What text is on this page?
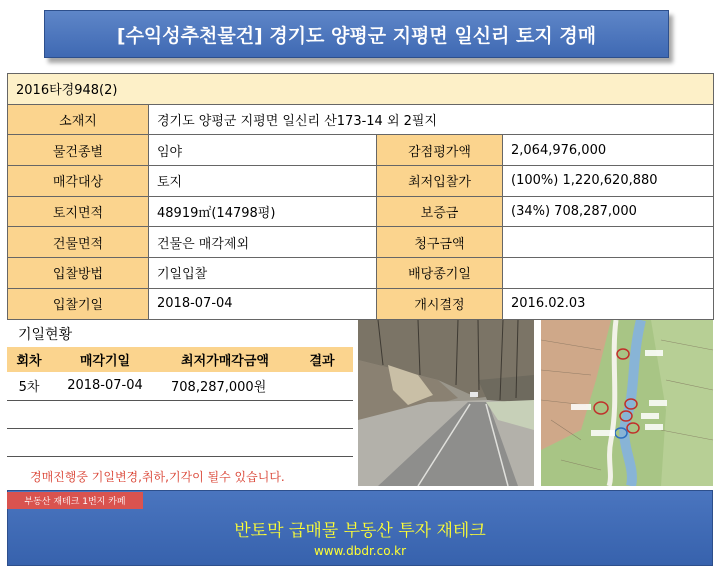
[수익성추천물건] 경기도 양평군 지평면 일신리 토지 경매
2016타경948(2)			
소재지	경기도 양평군 지평면 일신리 산173-14 외 2필지		
물건종별	임야	감점평가액	2,064,976,000
매각대상	토지	최저입찰가	(100%) 1,220,620,880
토지면적	48919㎡(14798평)	보증금	(34%) 708,287,000
건물면적	건물은 매각제외	청구금액	
입찰방법	기일입찰	배당종기일	
입찰기일	2018-07-04	개시결정	2016.02.03
기일현황
회차	매각기일	최저가매각금액	결과
5차	2018-07-04	708,287,000원	

경매진행중 기일변경,취하,기각이 될수 있습니다.
부동산 재테크 1번지 카페
반토막 급매물 부동산 투자 재테크
www.dbdr.co.kr
